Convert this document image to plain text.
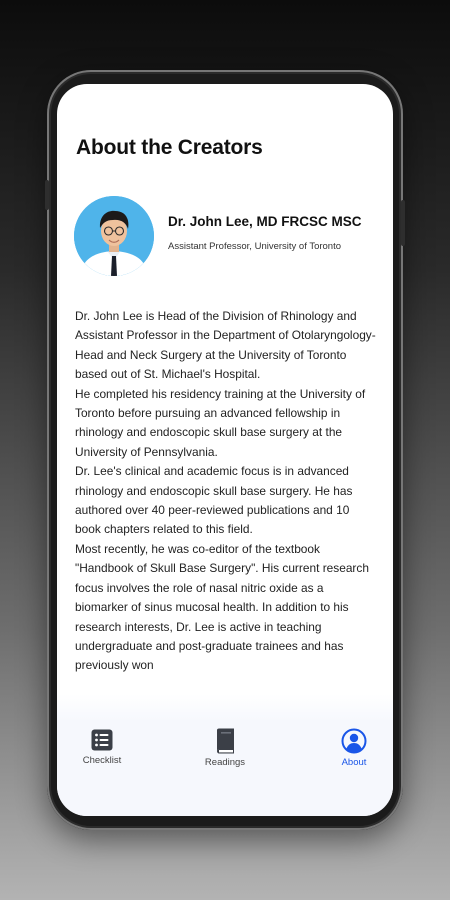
About the Creators
Dr. John Lee, MD FRCSC MSC
Assistant Professor, University of Toronto

Dr. John Lee is Head of the Division of Rhinology and Assistant Professor in the Department of Otolaryngology-Head and Neck Surgery at the University of Toronto based out of St. Michael's Hospital.

He completed his residency training at the University of Toronto before pursuing an advanced fellowship in rhinology and endoscopic skull base surgery at the University of Pennsylvania.

Dr. Lee's clinical and academic focus is in advanced rhinology and endoscopic skull base surgery. He has authored over 40 peer-reviewed publications and 10 book chapters related to this field.

Most recently, he was co-editor of the textbook "Handbook of Skull Base Surgery". His current research focus involves the role of nasal nitric oxide as a biomarker of sinus mucosal health. In addition to his research interests, Dr. Lee is active in teaching undergraduate and post-graduate trainees and has previously won

Checklist	Readings	About
